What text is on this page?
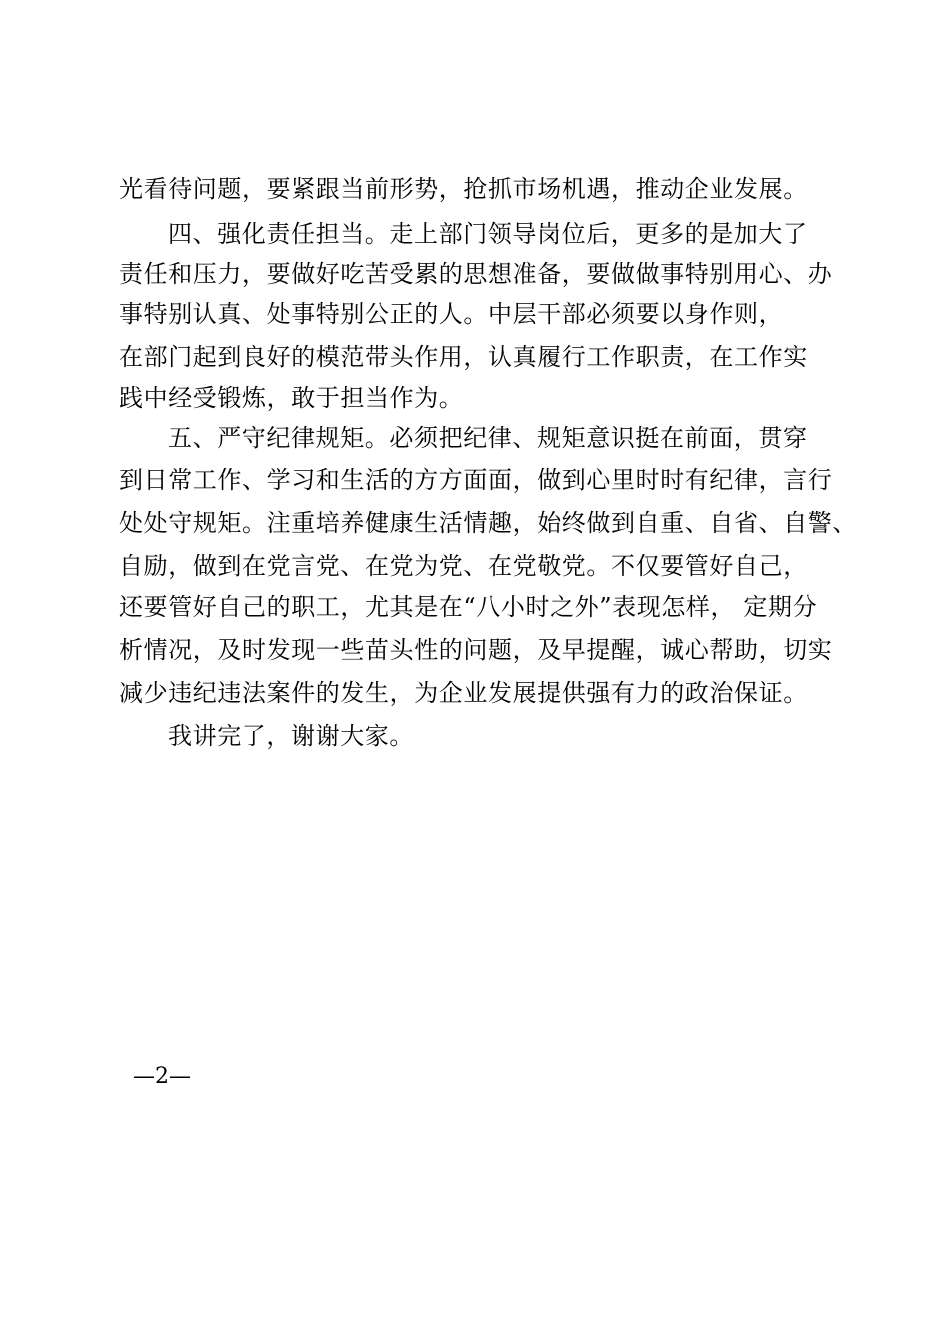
光看待问题，要紧跟当前形势，抢抓市场机遇，推动企业发展。
四、强化责任担当。走上部门领导岗位后，更多的是加大了
责任和压力，要做好吃苦受累的思想准备，要做做事特别用心、办
事特别认真、处事特别公正的人。中层干部必须要以身作则，
在部门起到良好的模范带头作用，认真履行工作职责，在工作实
践中经受锻炼，敢于担当作为。
五、严守纪律规矩。必须把纪律、规矩意识挺在前面，贯穿
到日常工作、学习和生活的方方面面，做到心里时时有纪律，言行
处处守规矩。注重培养健康生活情趣，始终做到自重、自省、自警、
自励，做到在党言党、在党为党、在党敬党。不仅要管好自己，
还要管好自己的职工，尤其是在“八小时之外”表现怎样， 定期分
析情况，及时发现一些苗头性的问题，及早提醒，诚心帮助，切实
减少违纪违法案件的发生，为企业发展提供强有力的政治保证。
我讲完了，谢谢大家。
—2—
